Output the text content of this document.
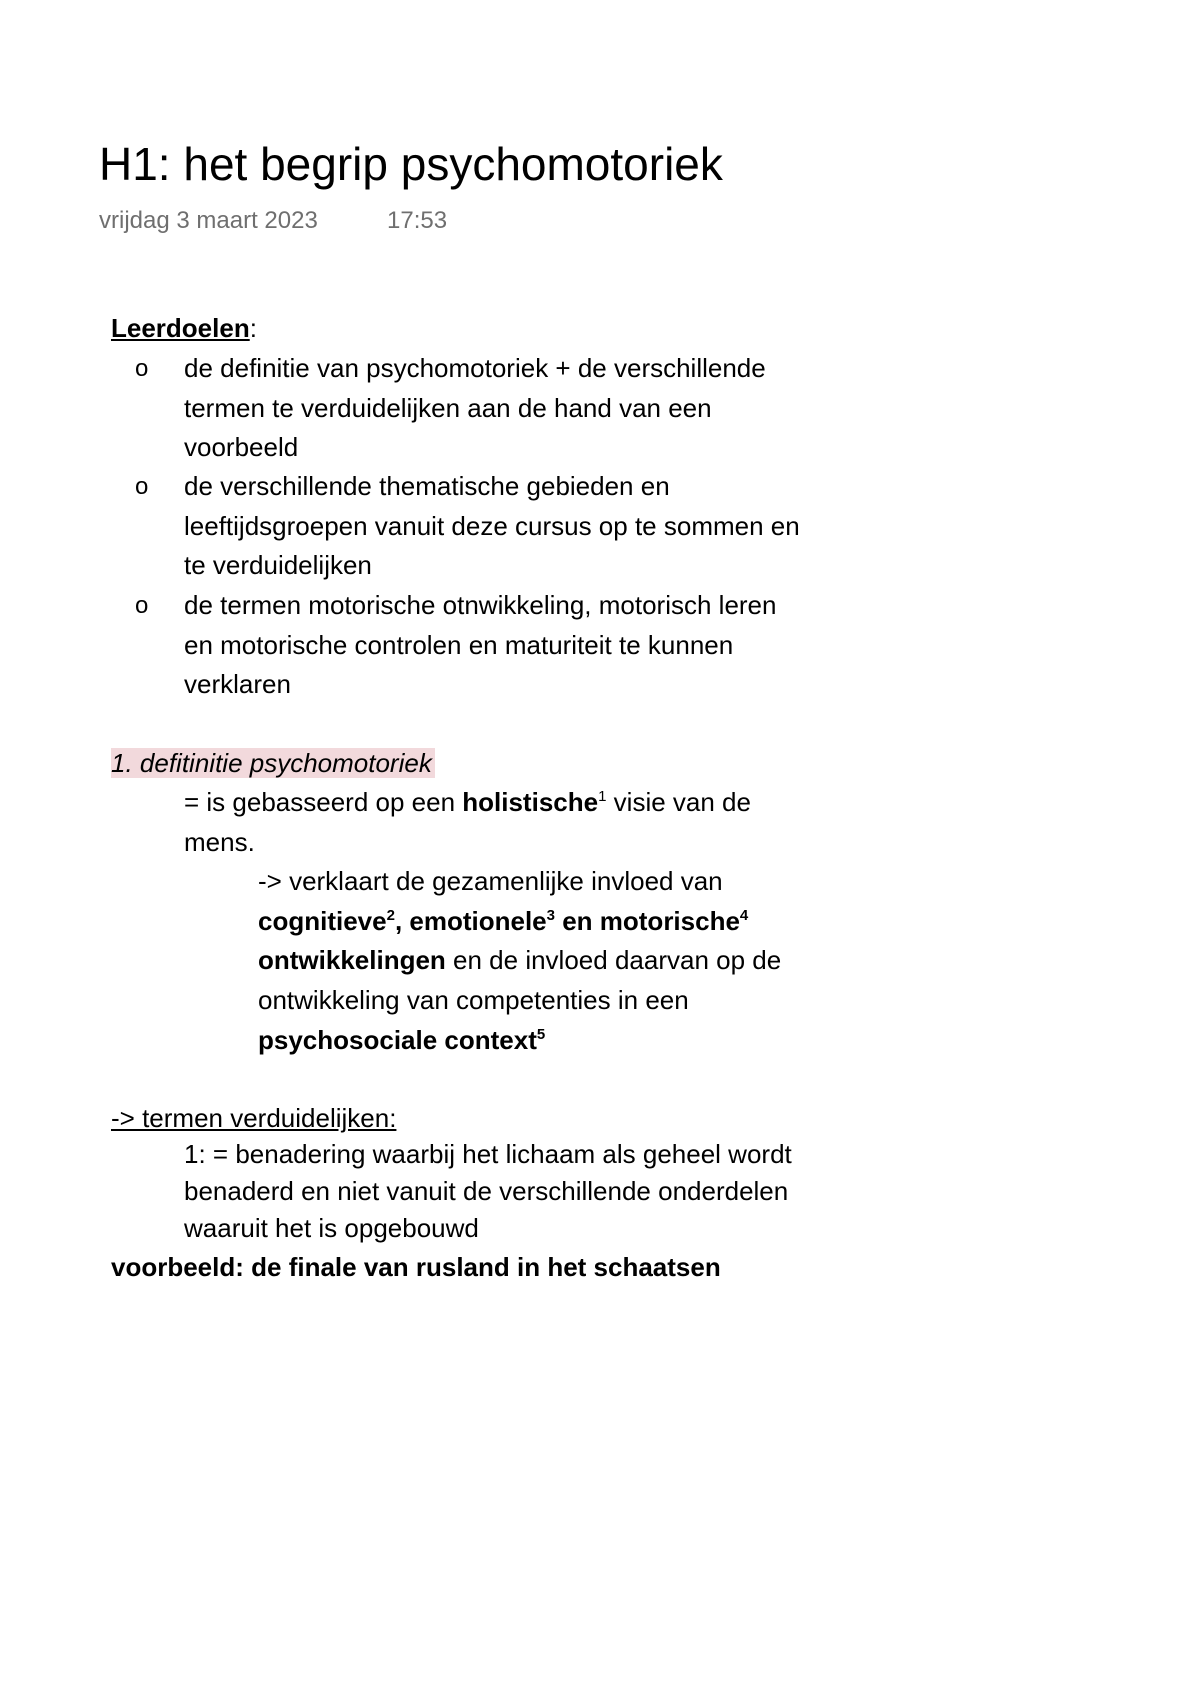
H1: het begrip psychomotoriek
vrijdag 3 maart 2023	17:53
Leerdoelen:
o de definitie van psychomotoriek + de verschillende
termen te verduidelijken aan de hand van een
voorbeeld
o de verschillende thematische gebieden en
leeftijdsgroepen vanuit deze cursus op te sommen en
te verduidelijken
o de termen motorische otnwikkeling, motorisch leren
en motorische controlen en maturiteit te kunnen
verklaren
1. defitinitie psychomotoriek
= is gebasseerd op een holistische$^1$ visie van de
mens.
-> verklaart de gezamenlijke invloed van
cognitieve$^2$, emotionele$^3$ en motorische$^4$
ontwikkelingen en de invloed daarvan op de
ontwikkeling van competenties in een
psychosociale context$^5$
-> termen verduidelijken:
1: = benadering waarbij het lichaam als geheel wordt
benaderd en niet vanuit de verschillende onderdelen
waaruit het is opgebouwd
voorbeeld: de finale van rusland in het schaatsen
